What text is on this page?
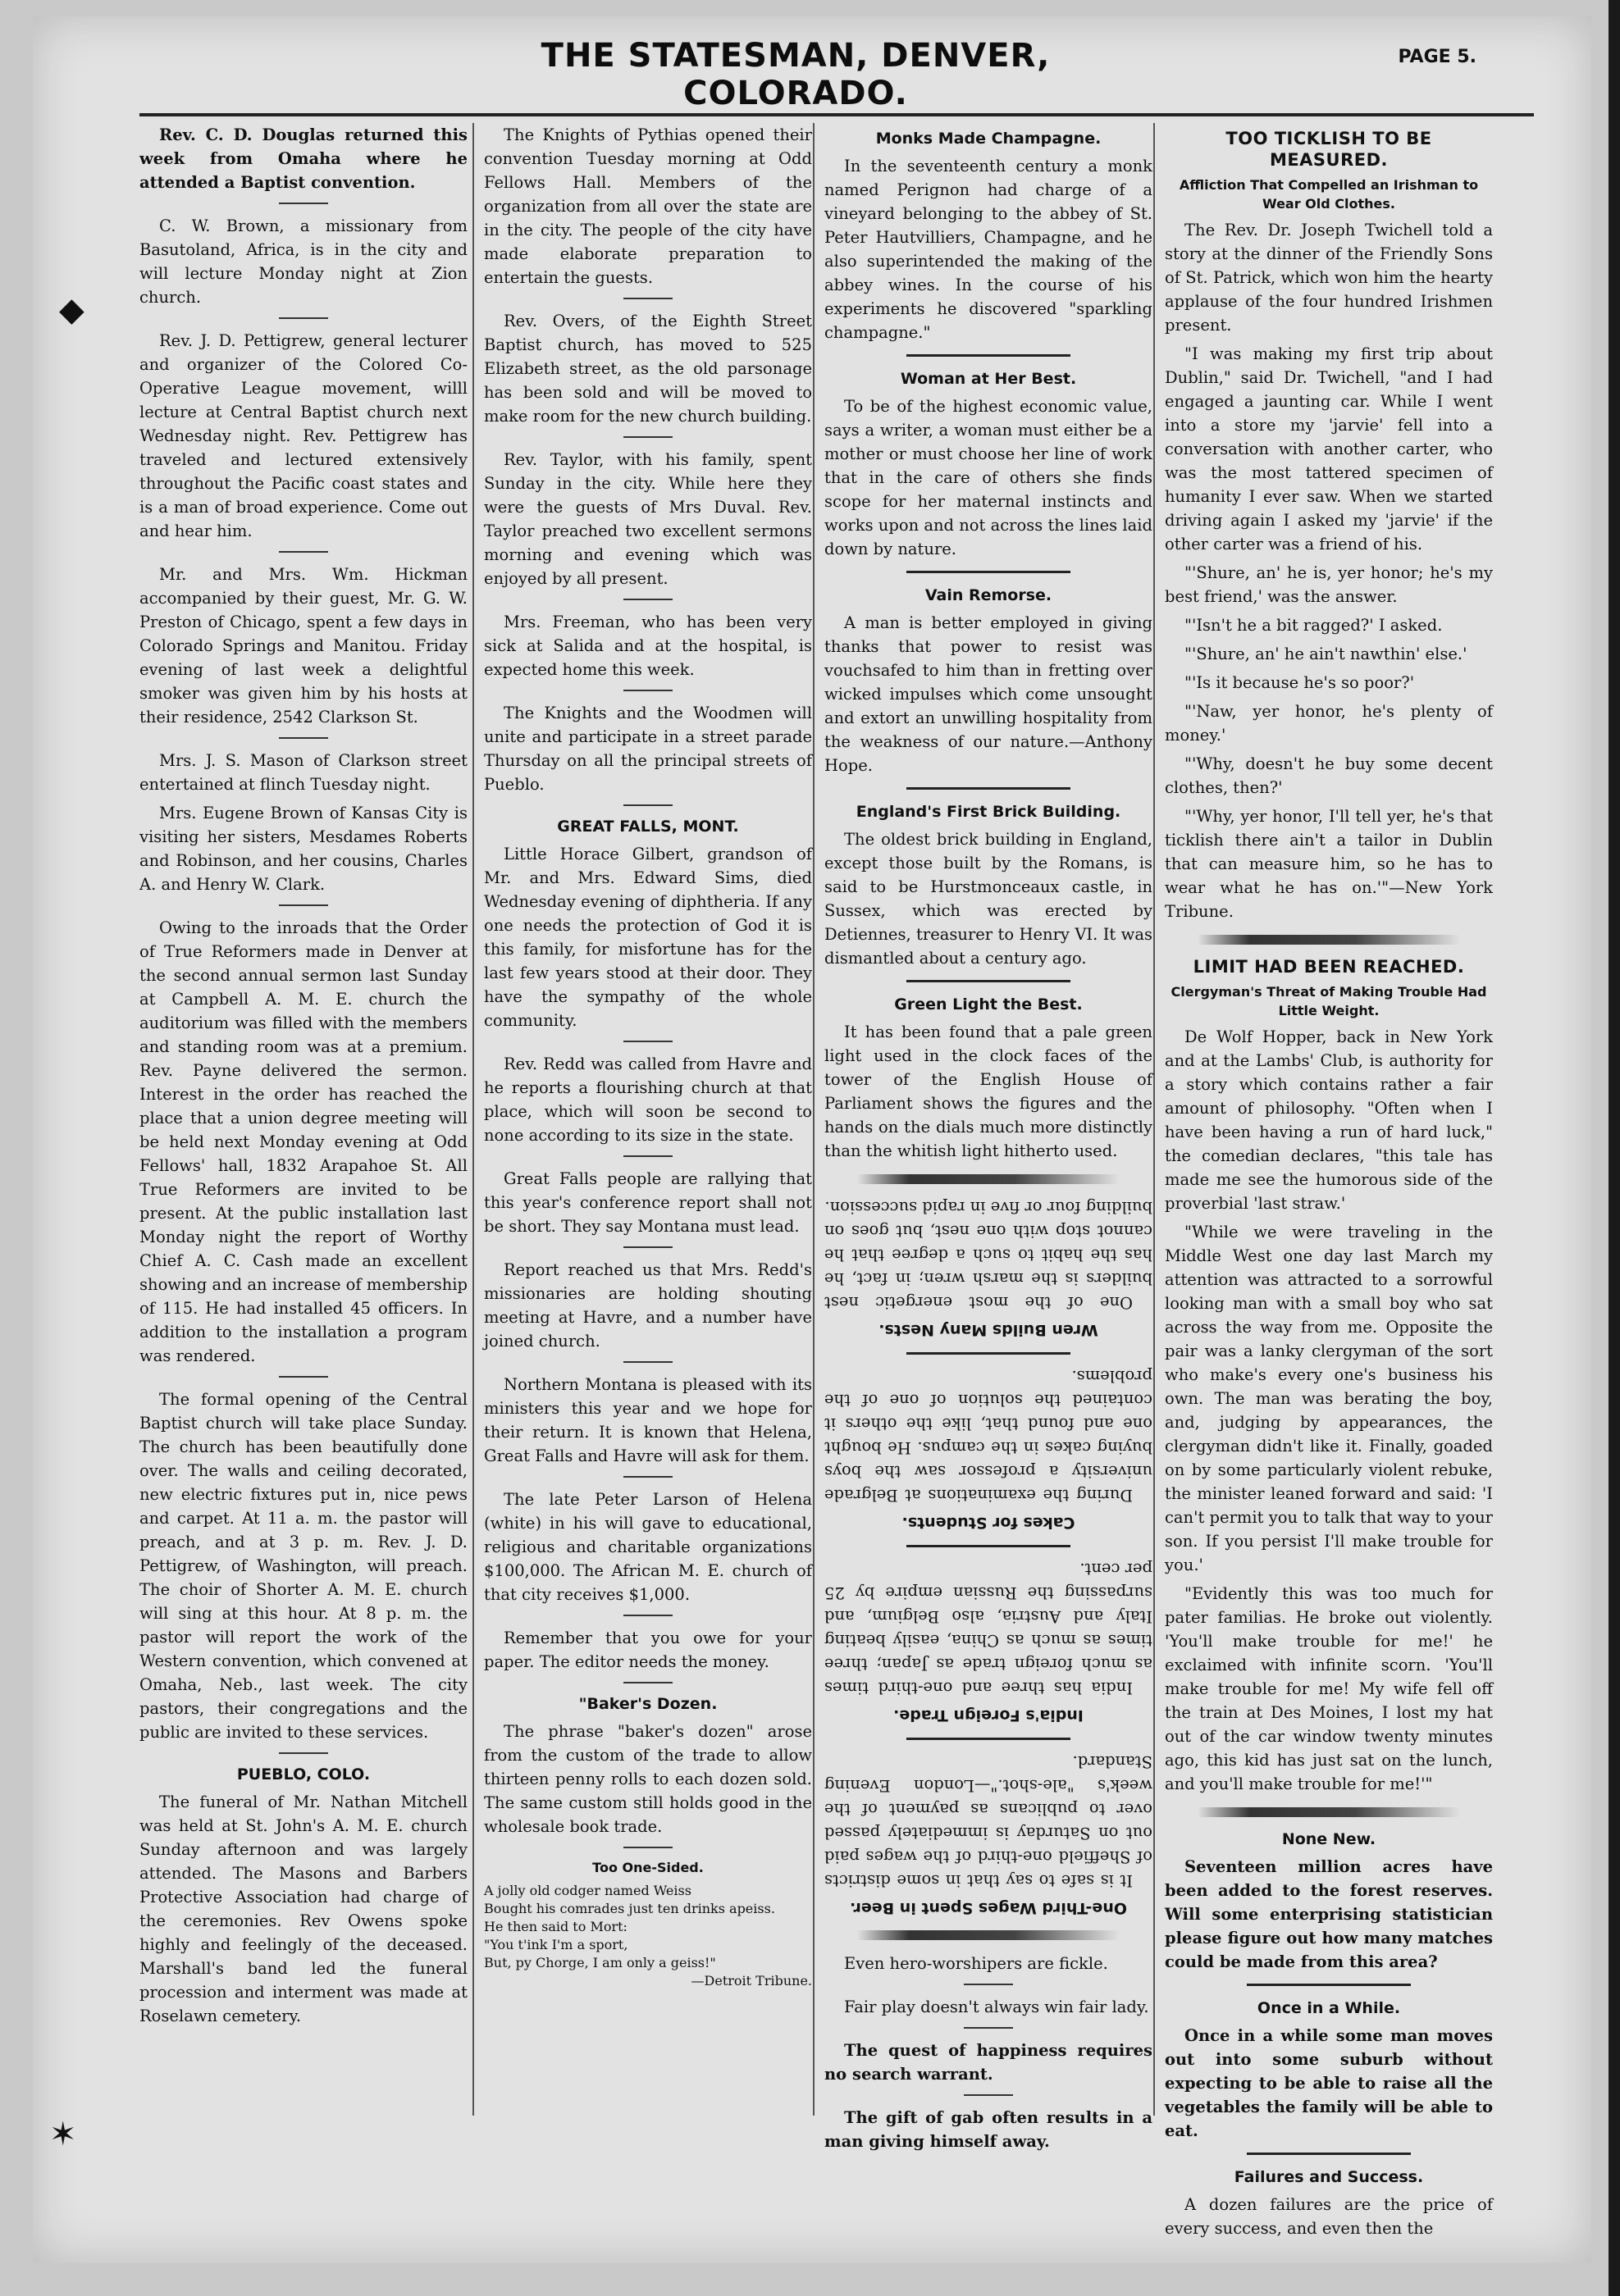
THE STATESMAN, DENVER, COLORADO.
PAGE 5.
◆
✶

Rev. C. D. Douglas returned this week from Omaha where he attended a Baptist convention.

C. W. Brown, a missionary from Basutoland, Africa, is in the city and will lecture Monday night at Zion church.

Rev. J. D. Pettigrew, general lecturer and organizer of the Colored Co-Operative League movement, willl lecture at Central Baptist church next Wednesday night. Rev. Pettigrew has traveled and lectured extensively throughout the Pacific coast states and is a man of broad experience. Come out and hear him.

Mr. and Mrs. Wm. Hickman accompanied by their guest, Mr. G. W. Preston of Chicago, spent a few days in Colorado Springs and Manitou. Friday evening of last week a delightful smoker was given him by his hosts at their residence, 2542 Clarkson St.

Mrs. J. S. Mason of Clarkson street entertained at flinch Tuesday night.

Mrs. Eugene Brown of Kansas City is visiting her sisters, Mesdames Roberts and Robinson, and her cousins, Charles A. and Henry W. Clark.

Owing to the inroads that the Order of True Reformers made in Denver at the second annual sermon last Sunday at Campbell A. M. E. church the auditorium was filled with the members and standing room was at a premium. Rev. Payne delivered the sermon. Interest in the order has reached the place that a union degree meeting will be held next Monday evening at Odd Fellows' hall, 1832 Arapahoe St. All True Reformers are invited to be present. At the public installation last Monday night the report of Worthy Chief A. C. Cash made an excellent showing and an increase of membership of 115. He had installed 45 officers. In addition to the installation a program was rendered.

The formal opening of the Central Baptist church will take place Sunday. The church has been beautifully done over. The walls and ceiling decorated, new electric fixtures put in, nice pews and carpet. At 11 a. m. the pastor will preach, and at 3 p. m. Rev. J. D. Pettigrew, of Washington, will preach. The choir of Shorter A. M. E. church will sing at this hour. At 8 p. m. the pastor will report the work of the Western convention, which convened at Omaha, Neb., last week. The city pastors, their congregations and the public are invited to these services.

PUEBLO, COLO.

The funeral of Mr. Nathan Mitchell was held at St. John's A. M. E. church Sunday afternoon and was largely attended. The Masons and Barbers Protective Association had charge of the ceremonies. Rev Owens spoke highly and feelingly of the deceased. Marshall's band led the funeral procession and interment was made at Roselawn cemetery.

The Knights of Pythias opened their convention Tuesday morning at Odd Fellows Hall. Members of the organization from all over the state are in the city. The people of the city have made elaborate preparation to entertain the guests.

Rev. Overs, of the Eighth Street Baptist church, has moved to 525 Elizabeth street, as the old parsonage has been sold and will be moved to make room for the new church building.

Rev. Taylor, with his family, spent Sunday in the city. While here they were the guests of Mrs Duval. Rev. Taylor preached two excellent sermons morning and evening which was enjoyed by all present.

Mrs. Freeman, who has been very sick at Salida and at the hospital, is expected home this week.

The Knights and the Woodmen will unite and participate in a street parade Thursday on all the principal streets of Pueblo.

GREAT FALLS, MONT.

Little Horace Gilbert, grandson of Mr. and Mrs. Edward Sims, died Wednesday evening of diphtheria. If any one needs the protection of God it is this family, for misfortune has for the last few years stood at their door. They have the sympathy of the whole community.

Rev. Redd was called from Havre and he reports a flourishing church at that place, which will soon be second to none according to its size in the state.

Great Falls people are rallying that this year's conference report shall not be short. They say Montana must lead.

Report reached us that Mrs. Redd's missionaries are holding shouting meeting at Havre, and a number have joined church.

Northern Montana is pleased with its ministers this year and we hope for their return. It is known that Helena, Great Falls and Havre will ask for them.

The late Peter Larson of Helena (white) in his will gave to educational, religious and charitable organizations $100,000. The African M. E. church of that city receives $1,000.

Remember that you owe for your paper. The editor needs the money.

"Baker's Dozen.

The phrase "baker's dozen" arose from the custom of the trade to allow thirteen penny rolls to each dozen sold. The same custom still holds good in the wholesale book trade.

Too One-Sided.
A jolly old codger named Weiss
Bought his comrades just ten drinks apeiss.
He then said to Mort:
"You t'ink I'm a sport,
But, py Chorge, I am only a geiss!"
—Detroit Tribune.
Monks Made Champagne.

In the seventeenth century a monk named Perignon had charge of a vineyard belonging to the abbey of St. Peter Hautvilliers, Champagne, and he also superintended the making of the abbey wines. In the course of his experiments he discovered "sparkling champagne."

Woman at Her Best.

To be of the highest economic value, says a writer, a woman must either be a mother or must choose her line of work that in the care of others she finds scope for her maternal instincts and works upon and not across the lines laid down by nature.

Vain Remorse.

A man is better employed in giving thanks that power to resist was vouchsafed to him than in fretting over wicked impulses which come unsought and extort an unwilling hospitality from the weakness of our nature.—Anthony Hope.

England's First Brick Building.

The oldest brick building in England, except those built by the Romans, is said to be Hurstmonceaux castle, in Sussex, which was erected by Detiennes, treasurer to Henry VI. It was dismantled about a century ago.

Green Light the Best.

It has been found that a pale green light used in the clock faces of the tower of the English House of Parliament shows the figures and the hands on the dials much more distinctly than the whitish light hitherto used.

One-Third Wages Spent in Beer.

It is safe to say that in some districts of Sheffield one-third of the wages paid out on Saturday is immediately passed over to publicans as payment of the week's "ale-shot."—London Evening Standard.

India's Foreign Trade.

India has three and one-third times as much foreign trade as Japan; three times as much as China, easily beating Italy and Austria, also Belgium, and surpassing the Russian empire by 25 per cent.

Cakes for Students.

During the examinations at Belgrade university a professor saw the boys buying cakes in the campus. He bought one and found that, like the others it contained the solution of one of the problems.

Wren Builds Many Nests.

One of the most energetic nest builders is the marsh wren; in fact, he has the habit to such a degree that he cannot stop with one nest, but goes on building four or five in rapid succession.

Even hero-worshipers are fickle.

Fair play doesn't always win fair lady.

The quest of happiness requires no search warrant.

The gift of gab often results in a man giving himself away.

TOO TICKLISH TO BE MEASURED.
Affliction That Compelled an Irishman to Wear Old Clothes.

The Rev. Dr. Joseph Twichell told a story at the dinner of the Friendly Sons of St. Patrick, which won him the hearty applause of the four hundred Irishmen present.

"I was making my first trip about Dublin," said Dr. Twichell, "and I had engaged a jaunting car. While I went into a store my 'jarvie' fell into a conversation with another carter, who was the most tattered specimen of humanity I ever saw. When we started driving again I asked my 'jarvie' if the other carter was a friend of his.

"'Shure, an' he is, yer honor; he's my best friend,' was the answer.

"'Isn't he a bit ragged?' I asked.

"'Shure, an' he ain't nawthin' else.'

"'Is it because he's so poor?'

"'Naw, yer honor, he's plenty of money.'

"'Why, doesn't he buy some decent clothes, then?'

"'Why, yer honor, I'll tell yer, he's that ticklish there ain't a tailor in Dublin that can measure him, so he has to wear what he has on.'"—New York Tribune.

LIMIT HAD BEEN REACHED.
Clergyman's Threat of Making Trouble Had Little Weight.

De Wolf Hopper, back in New York and at the Lambs' Club, is authority for a story which contains rather a fair amount of philosophy. "Often when I have been having a run of hard luck," the comedian declares, "this tale has made me see the humorous side of the proverbial 'last straw.'

"While we were traveling in the Middle West one day last March my attention was attracted to a sorrowful looking man with a small boy who sat across the way from me. Opposite the pair was a lanky clergyman of the sort who make's every one's business his own. The man was berating the boy, and, judging by appearances, the clergyman didn't like it. Finally, goaded on by some particularly violent rebuke, the minister leaned forward and said: 'I can't permit you to talk that way to your son. If you persist I'll make trouble for you.'

"Evidently this was too much for pater familias. He broke out violently. 'You'll make trouble for me!' he exclaimed with infinite scorn. 'You'll make trouble for me! My wife fell off the train at Des Moines, I lost my hat out of the car window twenty minutes ago, this kid has just sat on the lunch, and you'll make trouble for me!'"

None New.

Seventeen million acres have been added to the forest reserves. Will some enterprising statistician please figure out how many matches could be made from this area?

Once in a While.

Once in a while some man moves out into some suburb without expecting to be able to raise all the vegetables the family will be able to eat.

Failures and Success.

A dozen failures are the price of every success, and even then the
